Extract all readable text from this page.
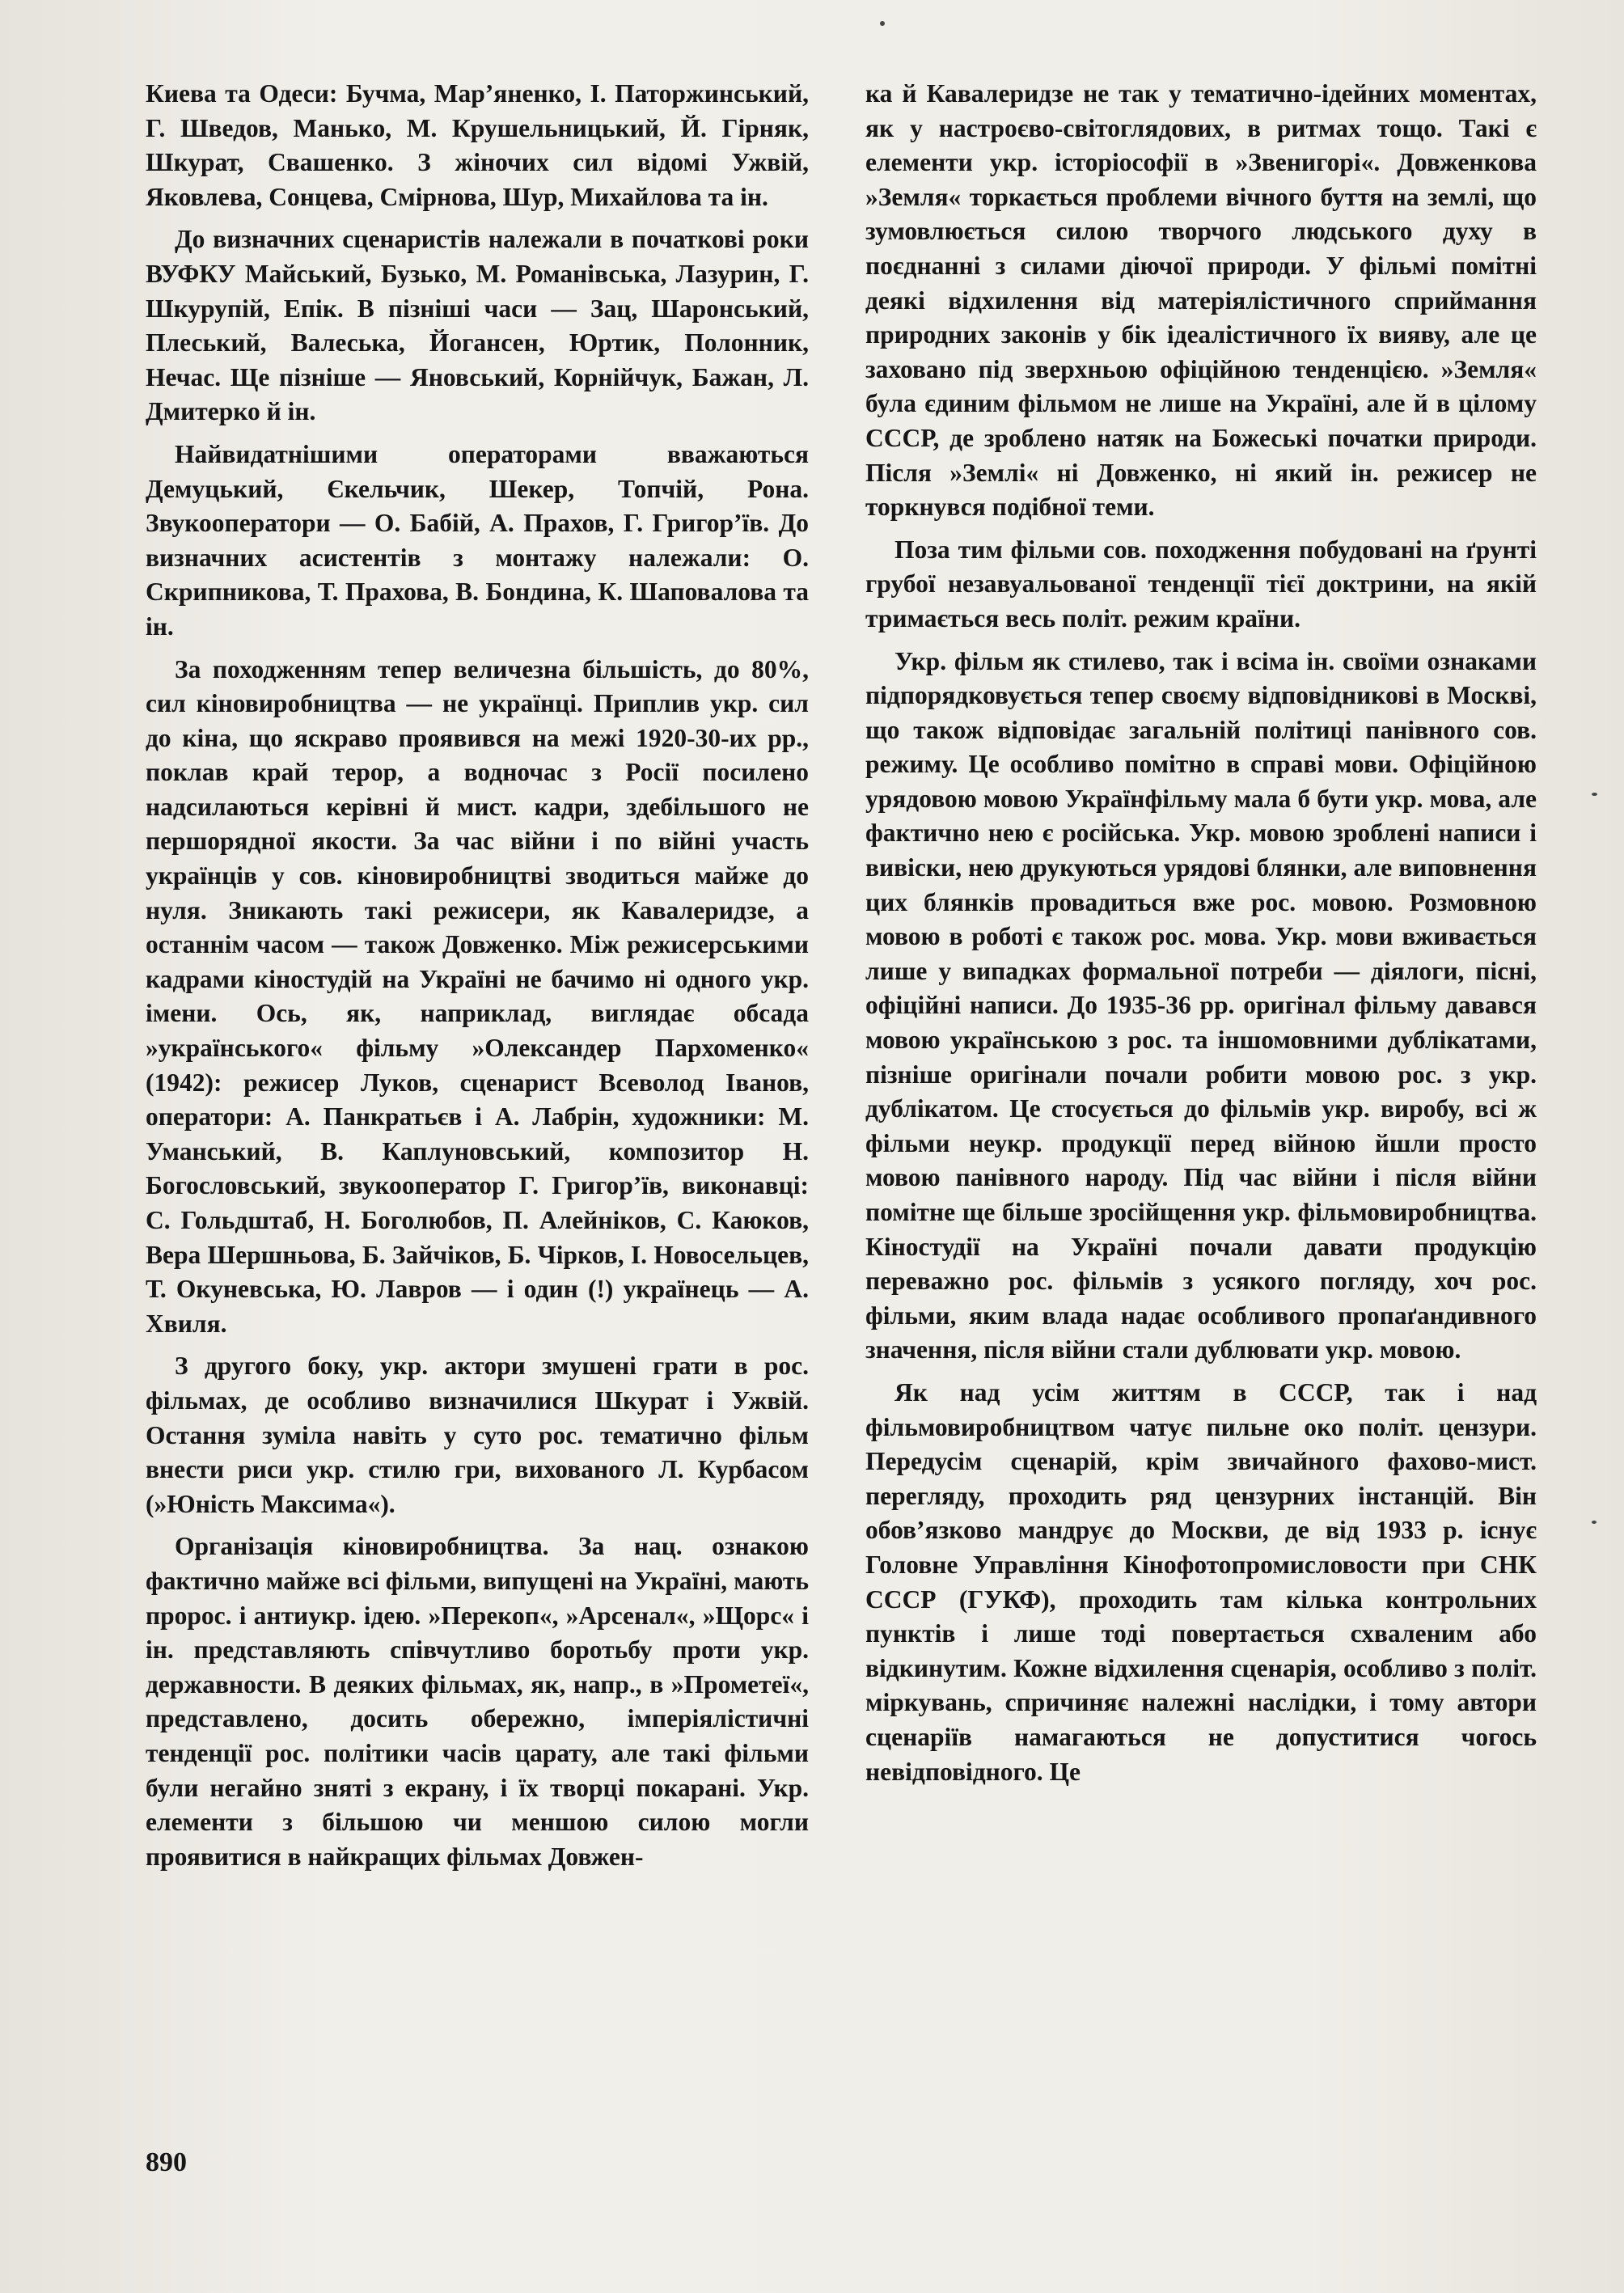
Киева та Одеси: Бучма, Мар’яненко, І. Паторжинський, Г. Шведов, Манько, М. Крушельницький, Й. Гірняк, Шкурат, Свашенко. З жіночих сил відомі Ужвій, Яковлева, Сонцева, Смірнова, Шур, Михайлова та ін.

До визначних сценаристів належали в початкові роки ВУФКУ Майський, Бузько, М. Романівська, Лазурин, Г. Шкурупій, Епік. В пізніші часи — Зац, Шаронський, Плеський, Валеська, Йогансен, Юртик, Полонник, Нечас. Ще пізніше — Яновський, Корнійчук, Бажан, Л. Дмитерко й ін.

Найвидатнішими операторами вважаються Демуцький, Єкельчик, Шекер, Топчій, Рона. Звукооператори — О. Бабій, А. Прахов, Г. Григор’їв. До визначних асистентів з монтажу належали: О. Скрипникова, Т. Прахова, В. Бондина, К. Шаповалова та ін.

За походженням тепер величезна більшість, до 80%, сил кіновиробництва — не українці. Приплив укр. сил до кіна, що яскраво проявився на межі 1920-30-их рр., поклав край терор, а водночас з Росії посилено надсилаються керівні й мист. кадри, здебільшого не першорядної якости. За час війни і по війні участь українців у сов. кіновиробництві зводиться майже до нуля. Зникають такі режисери, як Кавалеридзе, а останнім часом — також Довженко. Між режисерськими кадрами кіностудій на Україні не бачимо ні одного укр. імени. Ось, як, наприклад, виглядає обсада »українського« фільму »Олександер Пархоменко« (1942): режисер Луков, сценарист Всеволод Іванов, оператори: А. Панкратьєв і А. Лабрін, художники: М. Уманський, В. Каплуновський, композитор Н. Богословський, звукооператор Г. Григор’їв, виконавці: С. Гольдштаб, Н. Боголюбов, П. Алейніков, С. Каюков, Вера Шершньова, Б. Зайчіков, Б. Чірков, І. Новосельцев, Т. Окуневська, Ю. Лавров — і один (!) українець — А. Хвиля.

З другого боку, укр. актори змушені грати в рос. фільмах, де особливо визначилися Шкурат і Ужвій. Остання зуміла навіть у суто рос. тематично фільм внести риси укр. стилю гри, вихованого Л. Курбасом (»Юність Максима«).

Організація кіновиробництва. За нац. ознакою фактично майже всі фільми, випущені на Україні, мають пророс. і антиукр. ідею. »Перекоп«, »Арсенал«, »Щорс« і ін. представляють співчутливо боротьбу проти укр. державности. В деяких фільмах, як, напр., в »Прометеї«, представлено, досить обережно, імперіялістичні тенденції рос. політики часів царату, але такі фільми були негайно зняті з екрану, і їх творці покарані. Укр. елементи з більшою чи меншою силою могли проявитися в найкращих фільмах Довжен-

ка й Кавалеридзе не так у тематично-ідейних моментах, як у настроєво-світоглядових, в ритмах тощо. Такі є елементи укр. історіософії в »Звенигорі«. Довженкова »Земля« торкається проблеми вічного буття на землі, що зумовлюється силою творчого людського духу в поєднанні з силами діючої природи. У фільмі помітні деякі відхилення від матеріялістичного сприймання природних законів у бік ідеалістичного їх вияву, але це заховано під зверхньою офіційною тенденцією. »Земля« була єдиним фільмом не лише на Україні, але й в цілому СССР, де зроблено натяк на Божеські початки природи. Після »Землі« ні Довженко, ні який ін. режисер не торкнувся подібної теми.

Поза тим фільми сов. походження побудовані на ґрунті грубої незавуальованої тенденції тієї доктрини, на якій тримається весь політ. режим країни.

Укр. фільм як стилево, так і всіма ін. своїми ознаками підпорядковується тепер своєму відповідникові в Москві, що також відповідає загальній політиці панівного сов. режиму. Це особливо помітно в справі мови. Офіційною урядовою мовою Українфільму мала б бути укр. мова, але фактично нею є російська. Укр. мовою зроблені написи і вивіски, нею друкуються урядові блянки, але виповнення цих блянків провадиться вже рос. мовою. Розмовною мовою в роботі є також рос. мова. Укр. мови вживається лише у випадках формальної потреби — діялоги, пісні, офіційні написи. До 1935-36 рр. оригінал фільму давався мовою українською з рос. та іншомовними дублікатами, пізніше оригінали почали робити мовою рос. з укр. дублікатом. Це стосується до фільмів укр. виробу, всі ж фільми неукр. продукції перед війною йшли просто мовою панівного народу. Під час війни і після війни помітне ще більше зросійщення укр. фільмовиробництва. Кіностудії на Україні почали давати продукцію переважно рос. фільмів з усякого погляду, хоч рос. фільми, яким влада надає особливого пропаґандивного значення, після війни стали дублювати укр. мовою.

Як над усім життям в СССР, так і над фільмовиробництвом чатує пильне око політ. цензури. Передусім сценарій, крім звичайного фахово-мист. перегляду, проходить ряд цензурних інстанцій. Він обов’язково мандрує до Москви, де від 1933 р. існує Головне Управління Кінофотопромисловости при СНК СССР (ГУКФ), проходить там кілька контрольних пунктів і лише тоді повертається схваленим або відкинутим. Кожне відхилення сценарія, особливо з політ. міркувань, спричиняє належні наслідки, і тому автори сценаріїв намагаються не допуститися чогось невідповідного. Це

890
